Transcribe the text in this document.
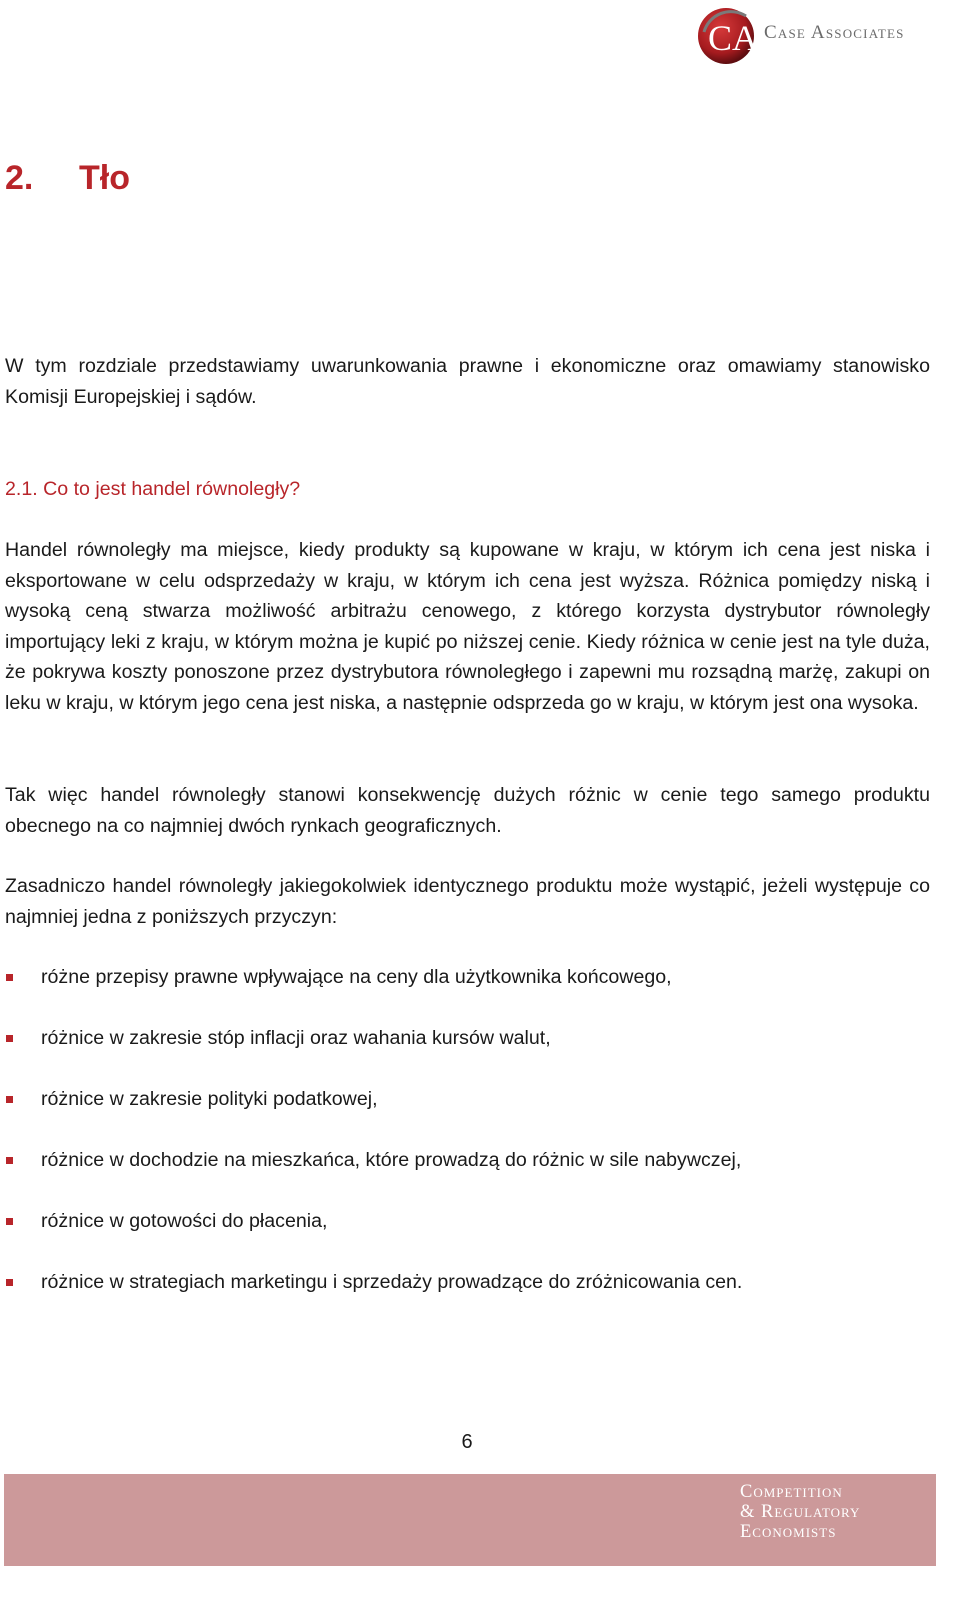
CA Case Associates
2. Tło

W tym rozdziale przedstawiamy uwarunkowania prawne i ekonomiczne oraz omawiamy stanowisko Komisji Europejskiej i sądów.

2.1. Co to jest handel równoległy?

Handel równoległy ma miejsce, kiedy produkty są kupowane w kraju, w którym ich cena jest niska i eksportowane w celu odsprzedaży w kraju, w którym ich cena jest wyższa. Różnica pomiędzy niską i wysoką ceną stwarza możliwość arbitrażu cenowego, z którego korzysta dystrybutor równoległy importujący leki z kraju, w którym można je kupić po niższej cenie. Kiedy różnica w cenie jest na tyle duża, że pokrywa koszty ponoszone przez dystrybutora równoległego i zapewni mu rozsądną marżę, zakupi on leku w kraju, w którym jego cena jest niska, a następnie odsprzeda go w kraju, w którym jest ona wysoka.

Tak więc handel równoległy stanowi konsekwencję dużych różnic w cenie tego samego produktu obecnego na co najmniej dwóch rynkach geograficznych.

Zasadniczo handel równoległy jakiegokolwiek identycznego produktu może wystąpić, jeżeli występuje co najmniej jedna z poniższych przyczyn:

różne przepisy prawne wpływające na ceny dla użytkownika końcowego,
różnice w zakresie stóp inflacji oraz wahania kursów walut,
różnice w zakresie polityki podatkowej,
różnice w dochodzie na mieszkańca, które prowadzą do różnic w sile nabywczej,
różnice w gotowości do płacenia,
różnice w strategiach marketingu i sprzedaży prowadzące do zróżnicowania cen.
6

Competition
& Regulatory
Economists
